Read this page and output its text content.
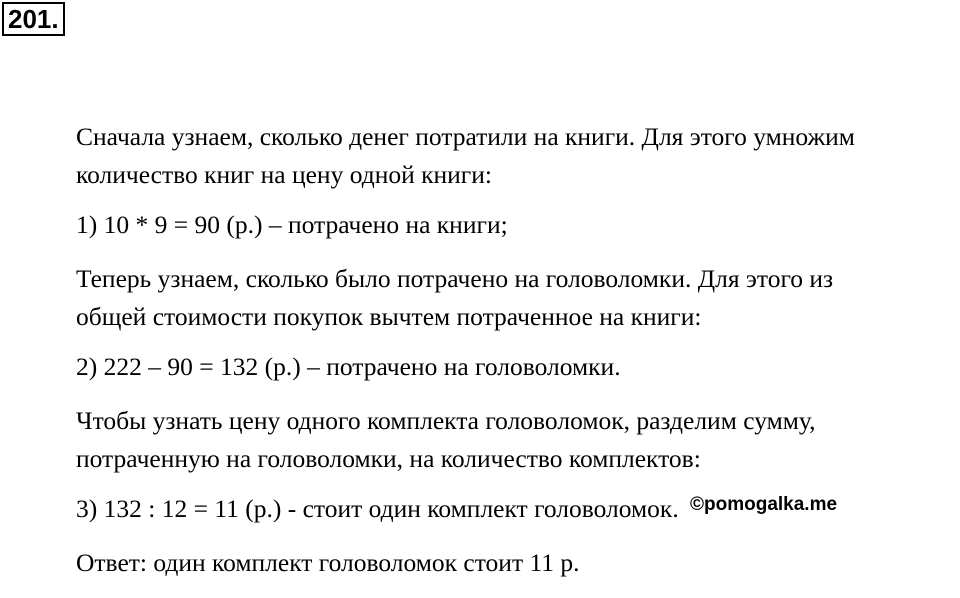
201.

Сначала узнаем, сколько денег потратили на книги. Для этого умножим
количество книг на цену одной книги:

1) 10 * 9 = 90 (р.) – потрачено на книги;

Теперь узнаем, сколько было потрачено на головоломки. Для этого из
общей стоимости покупок вычтем потраченное на книги:

2) 222 – 90 = 132 (р.) – потрачено на головоломки.

Чтобы узнать цену одного комплекта головоломок, разделим сумму,
потраченную на головоломки, на количество комплектов:

3) 132 : 12 = 11 (р.) - стоит один комплект головоломок.

Ответ: один комплект головоломок стоит 11 р.

©pomogalka.me
